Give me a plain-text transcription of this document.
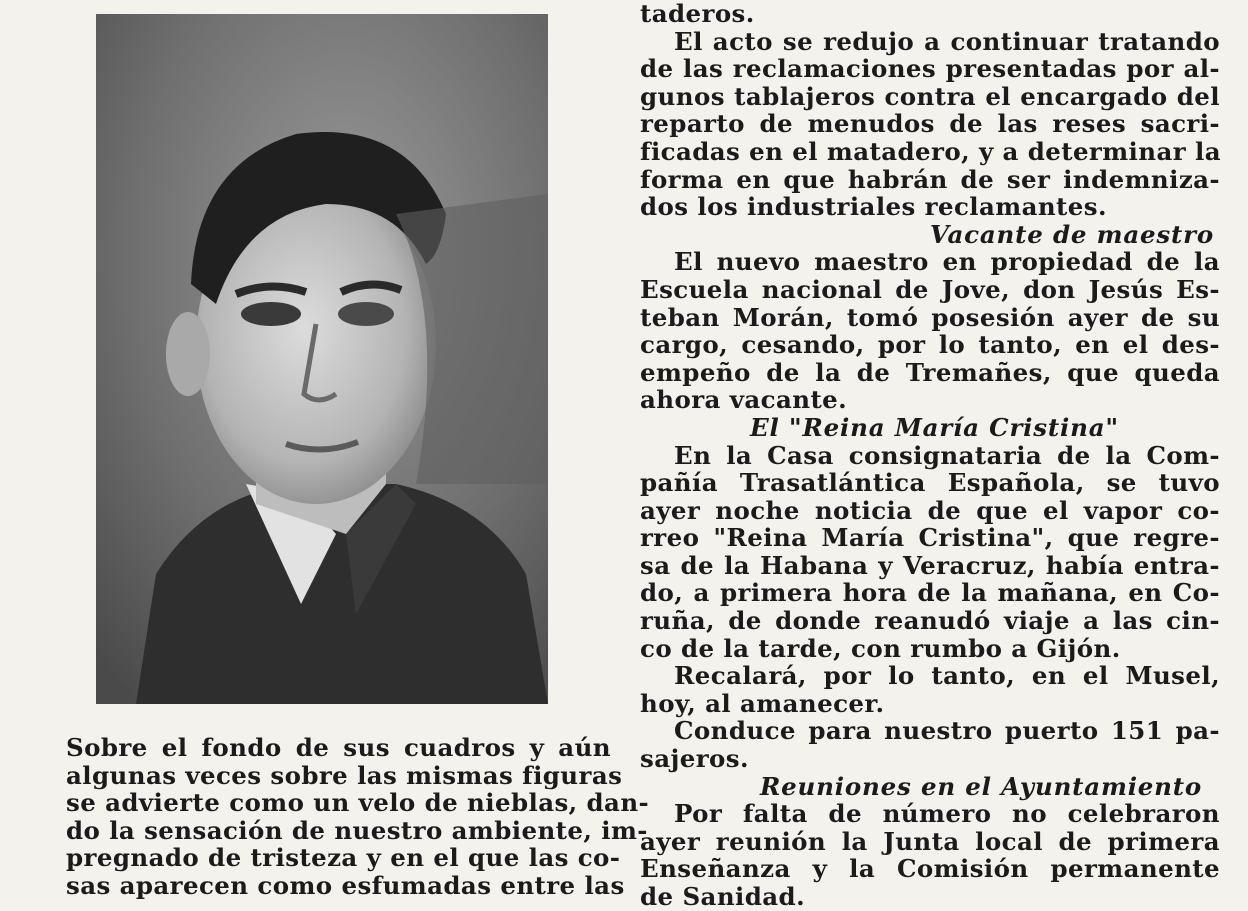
Sobre el fondo de sus cuadros y aún
algunas veces sobre las mismas figuras
se advierte como un velo de nieblas, dan-
do la sensación de nuestro ambiente, im-
pregnado de tristeza y en el que las co-
sas aparecen como esfumadas entre las
taderos.
El acto se redujo a continuar tratando
de las reclamaciones presentadas por al-
gunos tablajeros contra el encargado del
reparto de menudos de las reses sacri-
ficadas en el matadero, y a determinar la
forma en que habrán de ser indemniza-
dos los industriales reclamantes.
Vacante de maestro
El nuevo maestro en propiedad de la
Escuela nacional de Jove, don Jesús Es-
teban Morán, tomó posesión ayer de su
cargo, cesando, por lo tanto, en el des-
empeño de la de Tremañes, que queda
ahora vacante.
El "Reina María Cristina"
En la Casa consignataria de la Com-
pañía Trasatlántica Española, se tuvo
ayer noche noticia de que el vapor co-
rreo "Reina María Cristina", que regre-
sa de la Habana y Veracruz, había entra-
do, a primera hora de la mañana, en Co-
ruña, de donde reanudó viaje a las cin-
co de la tarde, con rumbo a Gijón.
Recalará, por lo tanto, en el Musel,
hoy, al amanecer.
Conduce para nuestro puerto 151 pa-
sajeros.
Reuniones en el Ayuntamiento
Por falta de número no celebraron
ayer reunión la Junta local de primera
Enseñanza y la Comisión permanente
de Sanidad.
